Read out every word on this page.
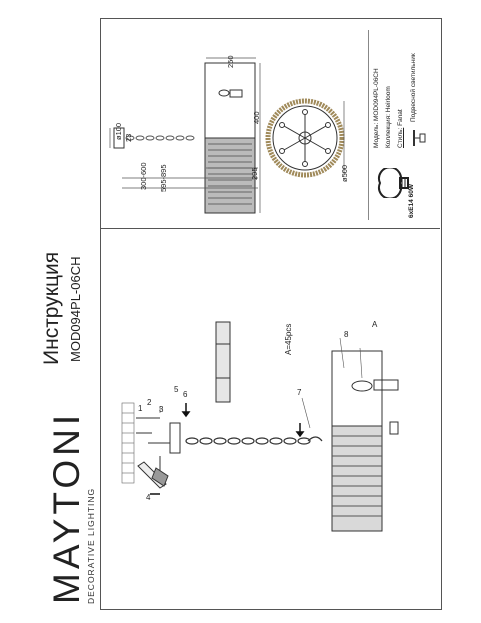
MAYTONI DECORATIVE LIGHTING
Инструкция MOD094PL-06CH
Модель: MOD094PL-06CH
Коллекция: Heirloom
Стиль: Fanat Подвесной светильник
6xE14 60W
ø100 23
250
400
ø500
295
300-600 595-895
1
2
3
4
5
6	7
8
A
A=45pcs
